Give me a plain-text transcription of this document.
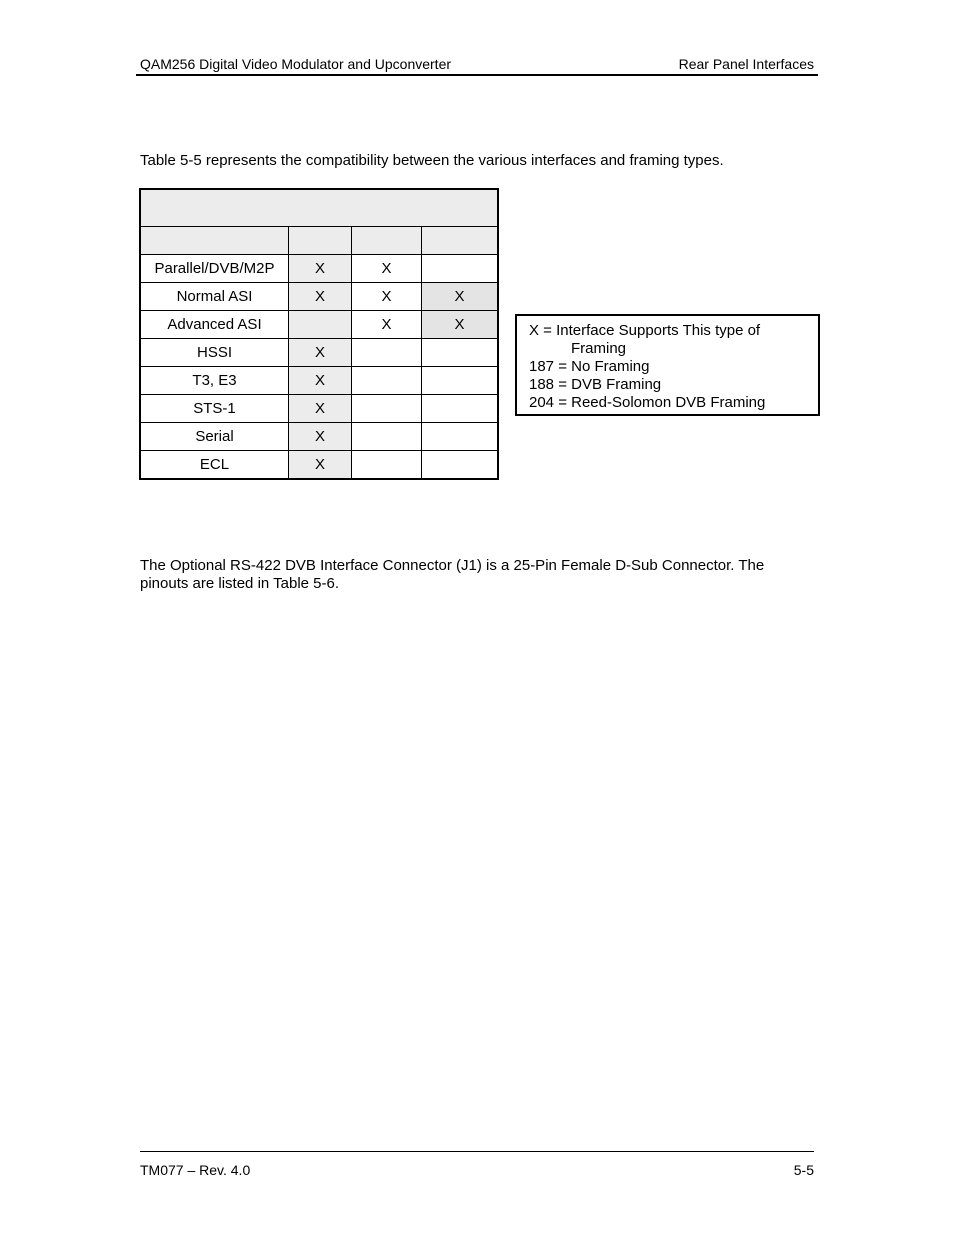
QAM256 Digital Video Modulator and Upconverter	Rear Panel Interfaces
Table 5-5 represents the compatibility between the various interfaces and framing types.

Parallel/DVB/M2P	X	X	
Normal ASI	X	X	X
Advanced ASI		X	X
HSSI	X		
T3, E3	X		
STS-1	X		
Serial	X		
ECL	X		
X = Interface Supports This type of
Framing
187 = No Framing
188 = DVB Framing
204 = Reed-Solomon DVB Framing
The Optional RS-422 DVB Interface Connector (J1) is a 25-Pin Female D-Sub Connector. The pinouts are listed in Table 5-6.
TM077 – Rev. 4.0	5-5
